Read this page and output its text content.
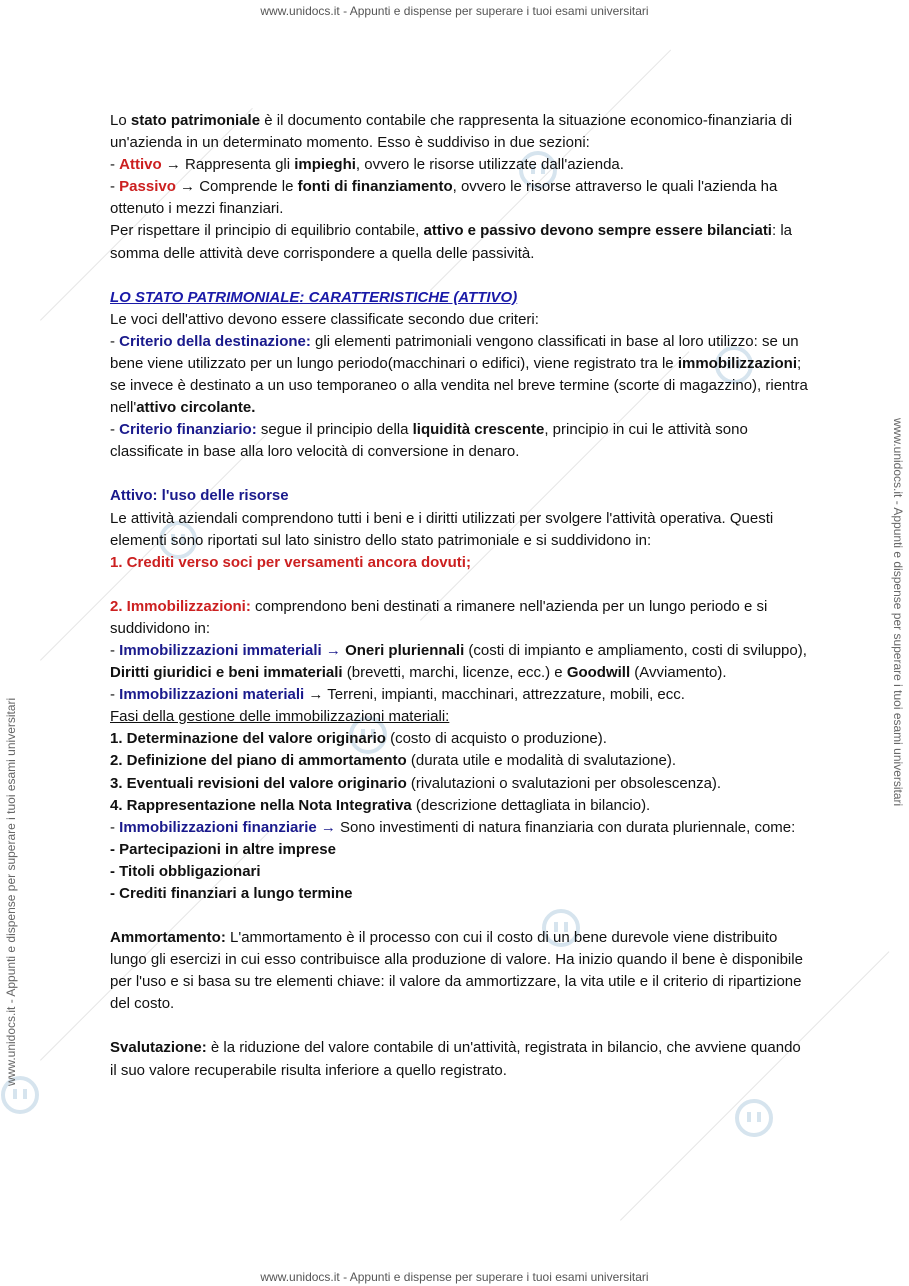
www.unidocs.it - Appunti e dispense per superare i tuoi esami universitari
www.unidocs.it - Appunti e dispense per superare i tuoi esami universitari
www.unidocs.it - Appunti e dispense per superare i tuoi esami universitari
www.unidocs.it - Appunti e dispense per superare i tuoi esami universitari

Lo stato patrimoniale è il documento contabile che rappresenta la situazione economico-finanziaria di un'azienda in un determinato momento. Esso è suddiviso in due sezioni:

- Attivo → Rappresenta gli impieghi, ovvero le risorse utilizzate dall'azienda.

- Passivo → Comprende le fonti di finanziamento, ovvero le risorse attraverso le quali l'azienda ha ottenuto i mezzi finanziari.

Per rispettare il principio di equilibrio contabile, attivo e passivo devono sempre essere bilanciati: la somma delle attività deve corrispondere a quella delle passività.

LO STATO PATRIMONIALE: CARATTERISTICHE (ATTIVO)

Le voci dell'attivo devono essere classificate secondo due criteri:

- Criterio della destinazione: gli elementi patrimoniali vengono classificati in base al loro utilizzo: se un bene viene utilizzato per un lungo periodo(macchinari o edifici), viene registrato tra le immobilizzazioni; se invece è destinato a un uso temporaneo o alla vendita nel breve termine (scorte di magazzino), rientra nell'attivo circolante.

- Criterio finanziario: segue il principio della liquidità crescente, principio in cui le attività sono classificate in base alla loro velocità di conversione in denaro.

Attivo: l'uso delle risorse

Le attività aziendali comprendono tutti i beni e i diritti utilizzati per svolgere l'attività operativa. Questi elementi sono riportati sul lato sinistro dello stato patrimoniale e si suddividono in:

1. Crediti verso soci per versamenti ancora dovuti;

2. Immobilizzazioni: comprendono beni destinati a rimanere nell'azienda per un lungo periodo e si suddividono in:

- Immobilizzazioni immateriali → Oneri pluriennali (costi di impianto e ampliamento, costi di sviluppo), Diritti giuridici e beni immateriali (brevetti, marchi, licenze, ecc.) e Goodwill (Avviamento).

- Immobilizzazioni materiali → Terreni, impianti, macchinari, attrezzature, mobili, ecc.

Fasi della gestione delle immobilizzazioni materiali:

1. Determinazione del valore originario (costo di acquisto o produzione).

2. Definizione del piano di ammortamento (durata utile e modalità di svalutazione).

3. Eventuali revisioni del valore originario (rivalutazioni o svalutazioni per obsolescenza).

4. Rappresentazione nella Nota Integrativa (descrizione dettagliata in bilancio).

- Immobilizzazioni finanziarie → Sono investimenti di natura finanziaria con durata pluriennale, come:

- Partecipazioni in altre imprese

- Titoli obbligazionari

- Crediti finanziari a lungo termine

Ammortamento: L'ammortamento è il processo con cui il costo di un bene durevole viene distribuito lungo gli esercizi in cui esso contribuisce alla produzione di valore. Ha inizio quando il bene è disponibile per l'uso e si basa su tre elementi chiave: il valore da ammortizzare, la vita utile e il criterio di ripartizione del costo.

Svalutazione: è la riduzione del valore contabile di un'attività, registrata in bilancio, che avviene quando il suo valore recuperabile risulta inferiore a quello registrato.
